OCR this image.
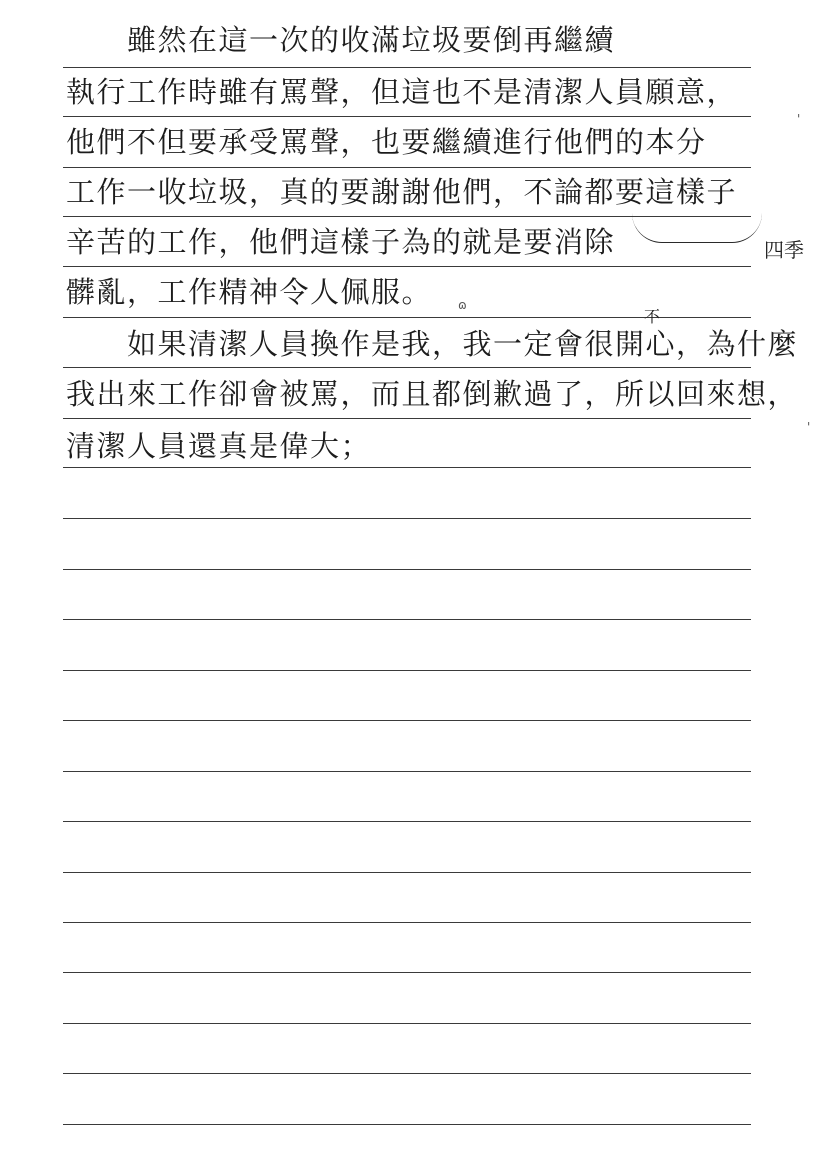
　　雖然在這一次的收滿垃圾要倒再繼續
執行工作時雖有罵聲，但這也不是清潔人員願意，
他們不但要承受罵聲，也要繼續進行他們的本分
工作一收垃圾，真的要謝謝他們，不論都要這樣子
辛苦的工作，他們這樣子為的就是要消除
髒亂，工作精神令人佩服。
　　如果清潔人員換作是我，我一定會很開心，為什麼
我出來工作卻會被罵，而且都倒歉過了，所以回來想，
清潔人員還真是偉大；
不
四季
ɷ
'
'
